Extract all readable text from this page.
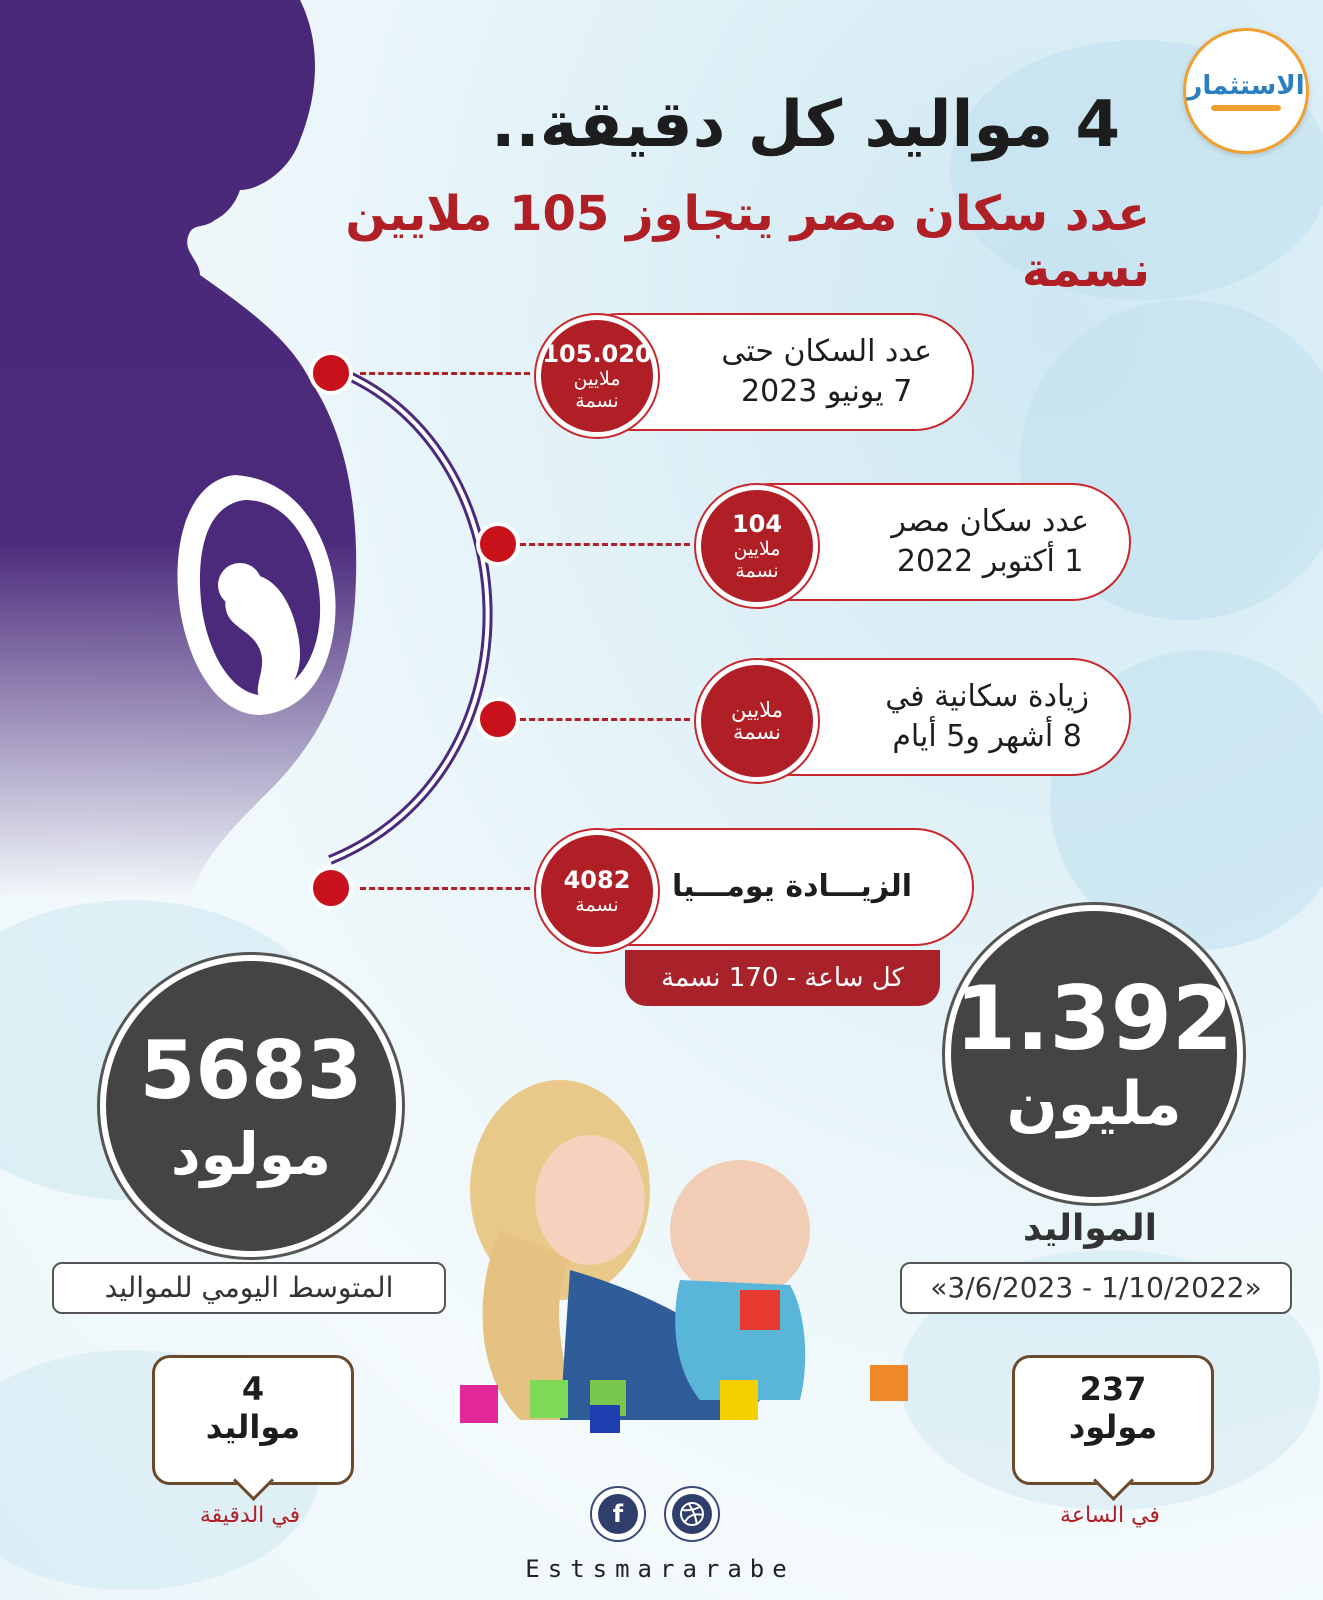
4 مواليد كل دقيقة..
عدد سكان مصر يتجاوز 105 ملايين نسمة
الاستثمار
عدد السكان حتى
7 يونيو 2023
105.020
ملايين نسمة
عدد سكان مصر
1 أكتوبر 2022
104
ملايين نسمة
زيادة سكانية في
8 أشهر و5 أيام
ملايين نسمة
الزيـــادة يومـــيا
4082
نسمة
كل ساعة - 170 نسمة 1.392
مليون
المواليد
«3/6/2023 - 1/10/2022»
5683
مولود
المتوسط اليومي للمواليد
4
مواليد
في الدقيقة
237
مولود
في الساعة
f
Estsmararabe
